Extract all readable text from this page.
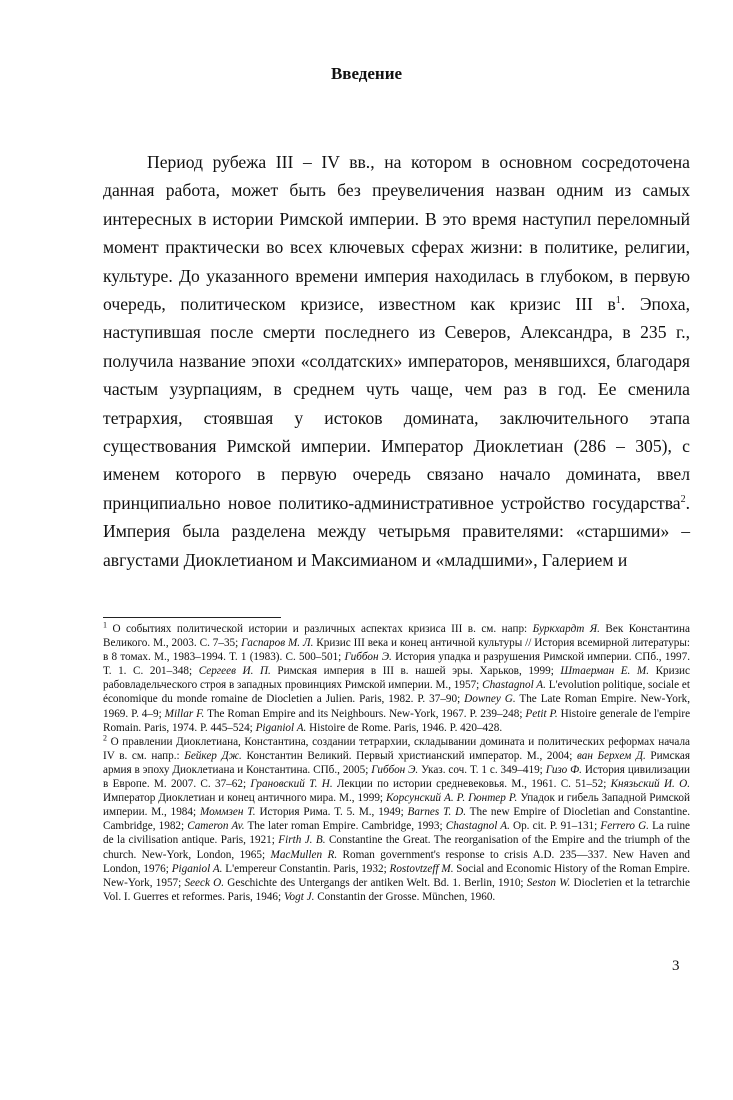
Введение

Период рубежа III – IV вв., на котором в основном сосредоточена данная работа, может быть без преувеличения назван одним из самых интересных в истории Римской империи. В это время наступил переломный момент практически во всех ключевых сферах жизни: в политике, религии, культуре. До указанного времени империя находилась в глубоком, в первую очередь, политическом кризисе, известном как кризис III $в^1$. Эпоха, наступившая после смерти последнего из Северов, Александра, в 235 г., получила название эпохи «солдатских» императоров, менявшихся, благодаря частым узурпациям, в среднем чуть чаще, чем раз в год. Ее сменила тетрархия, стоявшая у истоков домината, заключительного этапа существования Римской империи. Император Диоклетиан (286 – 305), с именем которого в первую очередь связано начало домината, ввел принципиально новое политико-административное устройство государства$^2$. Империя была разделена между четырьмя правителями: «старшими» – августами Диоклетианом и Максимианом и «младшими», Галерием и

$^1$ О событиях политической истории и различных аспектах кризиса III в. см. напр: Буркхардт Я. Век Константина Великого. М., 2003. С. 7–35; Гаспаров М. Л. Кризис III века и конец античной культуры // История всемирной литературы: в 8 томах. М., 1983–1994. Т. 1 (1983). С. 500–501; Гиббон Э. История упадка и разрушения Римской империи. СПб., 1997. Т. 1. С. 201–348; Сергеев И. П. Римская империя в III в. нашей эры. Харьков, 1999; Штаерман Е. М. Кризис рабовладельческого строя в западных провинциях Римской империи. М., 1957; Chastagnol A. L'evolution politique, sociale et économique du monde romaine de Diocletien a Julien. Paris, 1982. P. 37–90; Downey G. The Late Roman Empire. New-York, 1969. P. 4–9; Millar F. The Roman Empire and its Neighbours. New-York, 1967. P. 239–248; Petit P. Histoire generale de l'empire Romain. Paris, 1974. P. 445–524; Piganiol A. Histoire de Rome. Paris, 1946. P. 420–428.

$^2$ О правлении Диоклетиана, Константина, создании тетрархии, складывании домината и политических реформах начала IV в. см. напр.: Бейкер Дж. Константин Великий. Первый христианский император. М., 2004; ван Берхем Д. Римская армия в эпоху Диоклетиана и Константина. СПб., 2005; Гиббон Э. Указ. соч. Т. 1 с. 349–419; Гизо Ф. История цивилизации в Европе. М. 2007. С. 37–62; Грановский Т. Н. Лекции по истории средневековья. М., 1961. С. 51–52; Князьский И. О. Император Диоклетиан и конец античного мира. М., 1999; Корсунский А. Р. Гюнтер Р. Упадок и гибель Западной Римской империи. М., 1984; Моммзен Т. История Рима. Т. 5. М., 1949; Barnes T. D. The new Empire of Diocletian and Constantine. Cambridge, 1982; Cameron Av. The later roman Empire. Cambridge, 1993; Chastagnol A. Op. cit. P. 91–131; Ferrero G. La ruine de la civilisation antique. Paris, 1921; Firth J. B. Constantine the Great. The reorganisation of the Empire and the triumph of the church. New-York, London, 1965; MacMullen R. Roman government's response to crisis A.D. 235—337. New Haven and London, 1976; Piganiol A. L'empereur Constantin. Paris, 1932; Rostovtzeff M. Social and Economic History of the Roman Empire. New-York, 1957; Seeck O. Geschichte des Untergangs der antiken Welt. Bd. 1. Berlin, 1910; Seston W. Dioclетien et la tetrarchie Vol. I. Guerres et reformes. Paris, 1946; Vogt J. Constantin der Grosse. München, 1960.

3
